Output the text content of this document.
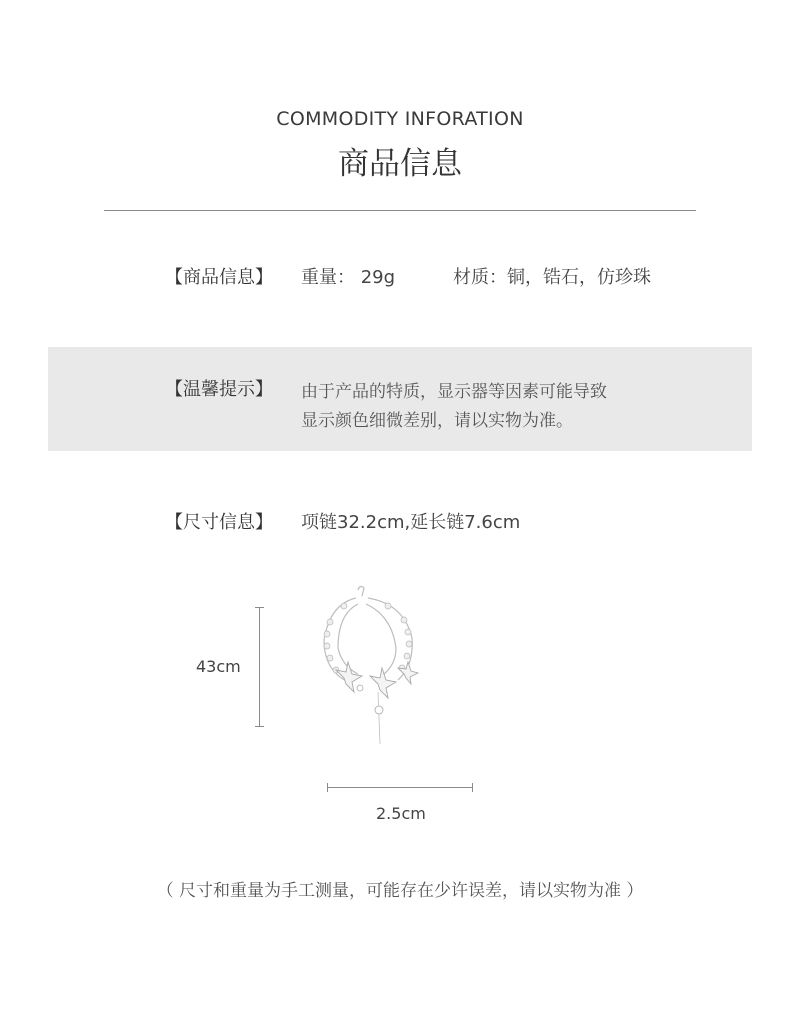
COMMODITY INFORATION
商品信息
【商品信息】 重量： 29g	材质：铜，锆石，仿珍珠
【温馨提示】 由于产品的特质，显示器等因素可能导致
显示颜色细微差别，请以实物为准。
【尺寸信息】 项链32.2cm,延长链7.6cm
43cm
2.5cm
（ 尺寸和重量为手工测量，可能存在少许误差，请以实物为准 ）
